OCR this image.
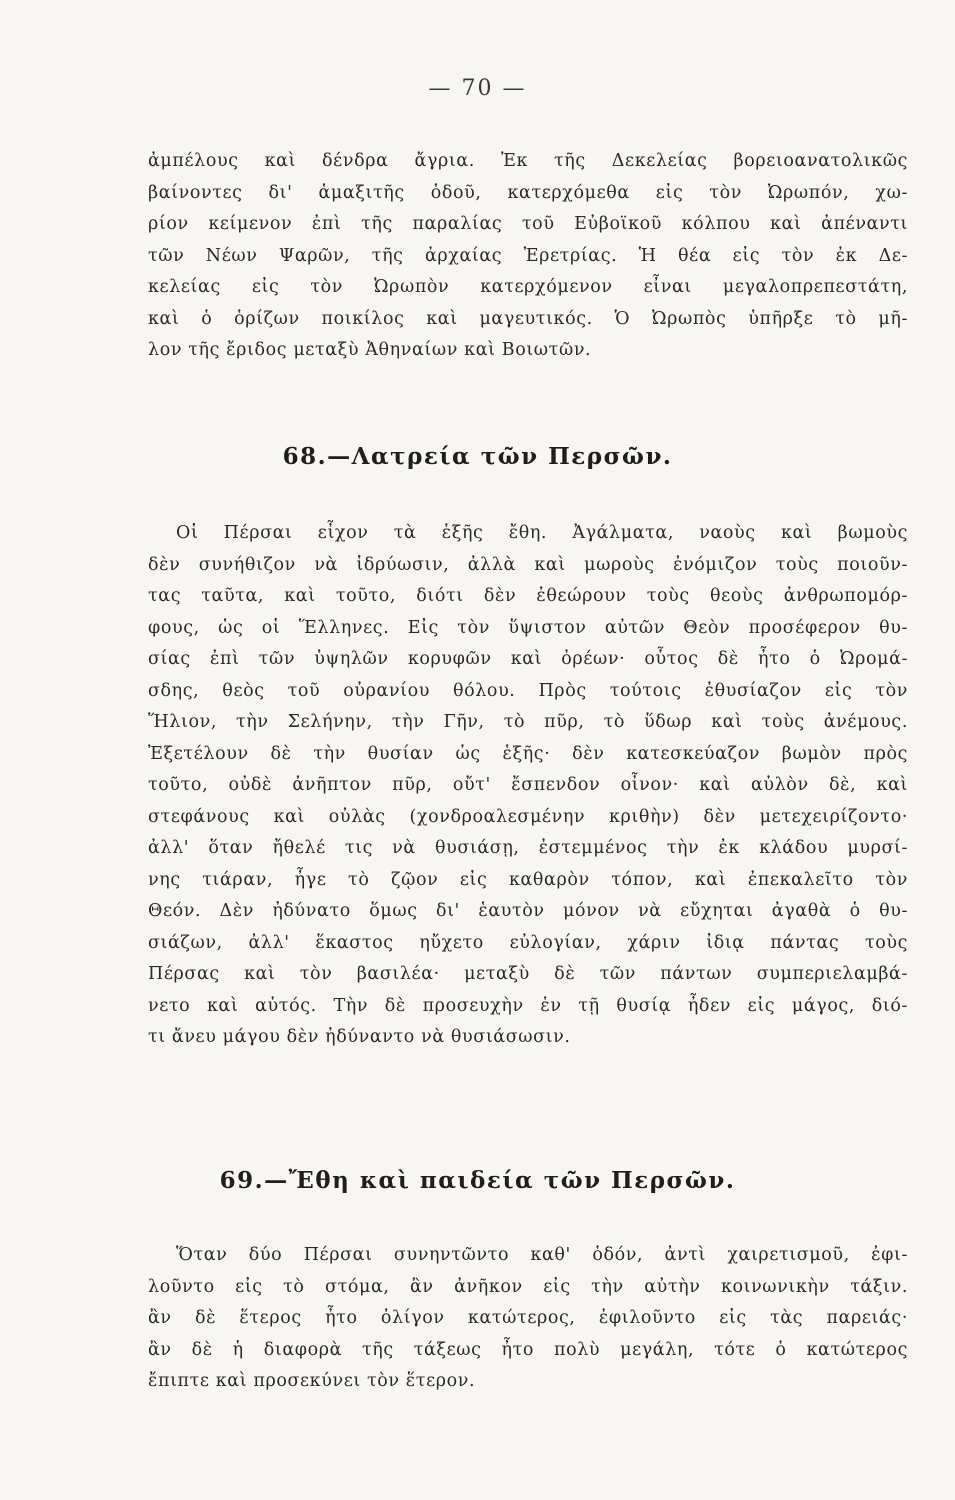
— 70 —
ἀμπέλους καὶ δένδρα ἄγρια. Ἐκ τῆς Δεκελείας βορειοανατολικῶς
βαίνοντες δι' ἁμαξιτῆς ὁδοῦ, κατερχόμεθα εἰς τὸν Ὠρωπόν, χω-
ρίον κείμενον ἐπὶ τῆς παραλίας τοῦ Εὐβοϊκοῦ κόλπου καὶ ἀπέναντι
τῶν Νέων Ψαρῶν, τῆς ἀρχαίας Ἐρετρίας. Ἡ θέα εἰς τὸν ἐκ Δε-
κελείας εἰς τὸν Ὠρωπὸν κατερχόμενον εἶναι μεγαλοπρεπεστάτη,
καὶ ὁ ὁρίζων ποικίλος καὶ μαγευτικός. Ὁ Ὠρωπὸς ὑπῆρξε τὸ μῆ-
λον τῆς ἔριδος μεταξὺ Ἀθηναίων καὶ Βοιωτῶν.
68.—Λατρεία τῶν Περσῶν.
Οἱ Πέρσαι εἶχον τὰ ἑξῆς ἔθη. Ἀγάλματα, ναοὺς καὶ βωμοὺς
δὲν συνήθιζον νὰ ἱδρύωσιν, ἀλλὰ καὶ μωροὺς ἐνόμιζον τοὺς ποιοῦν-
τας ταῦτα, καὶ τοῦτο, διότι δὲν ἐθεώρουν τοὺς θεοὺς ἀνθρωπομόρ-
φους, ὡς οἱ Ἕλληνες. Εἰς τὸν ὕψιστον αὐτῶν Θεὸν προσέφερον θυ-
σίας ἐπὶ τῶν ὑψηλῶν κορυφῶν καὶ ὀρέων· οὗτος δὲ ἦτο ὁ Ὠρομά-
σδης, θεὸς τοῦ οὐρανίου θόλου. Πρὸς τούτοις ἐθυσίαζον εἰς τὸν
Ἥλιον, τὴν Σελήνην, τὴν Γῆν, τὸ πῦρ, τὸ ὕδωρ καὶ τοὺς ἀνέμους.
Ἐξετέλουν δὲ τὴν θυσίαν ὡς ἑξῆς· δὲν κατεσκεύαζον βωμὸν πρὸς
τοῦτο, οὐδὲ ἀνῆπτον πῦρ, οὔτ' ἔσπενδον οἶνον· καὶ αὐλὸν δὲ, καὶ
στεφάνους καὶ οὐλὰς (χονδροαλεσμένην κριθὴν) δὲν μετεχειρίζοντο·
ἀλλ' ὅταν ἤθελέ τις νὰ θυσιάσῃ, ἐστεμμένος τὴν ἐκ κλάδου μυρσί-
νης τιάραν, ἦγε τὸ ζῷον εἰς καθαρὸν τόπον, καὶ ἐπεκαλεῖτο τὸν
Θεόν. Δὲν ἠδύνατο ὅμως δι' ἑαυτὸν μόνον νὰ εὔχηται ἀγαθὰ ὁ θυ-
σιάζων, ἀλλ' ἕκαστος ηὔχετο εὐλογίαν, χάριν ἰδιᾳ πάντας τοὺς
Πέρσας καὶ τὸν βασιλέα· μεταξὺ δὲ τῶν πάντων συμπεριελαμβά-
νετο καὶ αὐτός. Τὴν δὲ προσευχὴν ἐν τῇ θυσίᾳ ἦδεν εἰς μάγος, διό-
τι ἄνευ μάγου δὲν ἠδύναντο νὰ θυσιάσωσιν.
69.—Ἔθη καὶ παιδεία τῶν Περσῶν.
Ὅταν δύο Πέρσαι συνηντῶντο καθ' ὁδόν, ἀντὶ χαιρετισμοῦ, ἐφι-
λοῦντο εἰς τὸ στόμα, ἂν ἀνῆκον εἰς τὴν αὐτὴν κοινωνικὴν τάξιν.
ἂν δὲ ἕτερος ἦτο ὀλίγον κατώτερος, ἐφιλοῦντο εἰς τὰς παρειάς·
ἂν δὲ ἡ διαφορὰ τῆς τάξεως ἦτο πολὺ μεγάλη, τότε ὁ κατώτερος
ἔπιπτε καὶ προσεκύνει τὸν ἕτερον.
